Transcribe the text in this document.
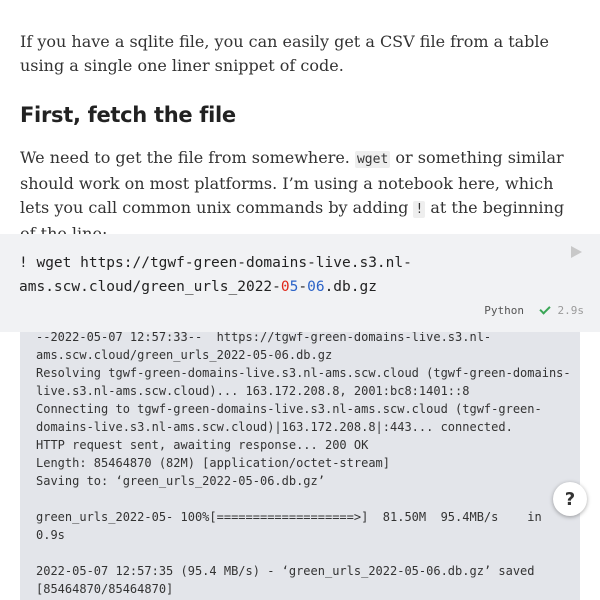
If you have a sqlite file, you can easily get a CSV file from a table using a single one liner snippet of code.

First, fetch the file

We need to get the file from somewhere. wget or something similar should work on most platforms. I’m using a notebook here, which lets you call common unix commands by adding ! at the beginning

! wget https://tgwf-green-domains-live.s3.nl-
ams.scw.cloud/green_urls_2022-05-06.db.gz
Python	2.9s
--2022-05-07 12:57:33--  https://tgwf-green-domains-live.s3.nl-
ams.scw.cloud/green_urls_2022-05-06.db.gz
Resolving tgwf-green-domains-live.s3.nl-ams.scw.cloud (tgwf-green-domains-
live.s3.nl-ams.scw.cloud)... 163.172.208.8, 2001:bc8:1401::8
Connecting to tgwf-green-domains-live.s3.nl-ams.scw.cloud (tgwf-green-
domains-live.s3.nl-ams.scw.cloud)|163.172.208.8|:443... connected.
HTTP request sent, awaiting response... 200 OK
Length: 85464870 (82M) [application/octet-stream]
Saving to: ‘green_urls_2022-05-06.db.gz’

green_urls_2022-05- 100%[===================>]  81.50M  95.4MB/s    in
0.9s

2022-05-07 12:57:35 (95.4 MB/s) - ‘green_urls_2022-05-06.db.gz’ saved
[85464870/85464870]
?
